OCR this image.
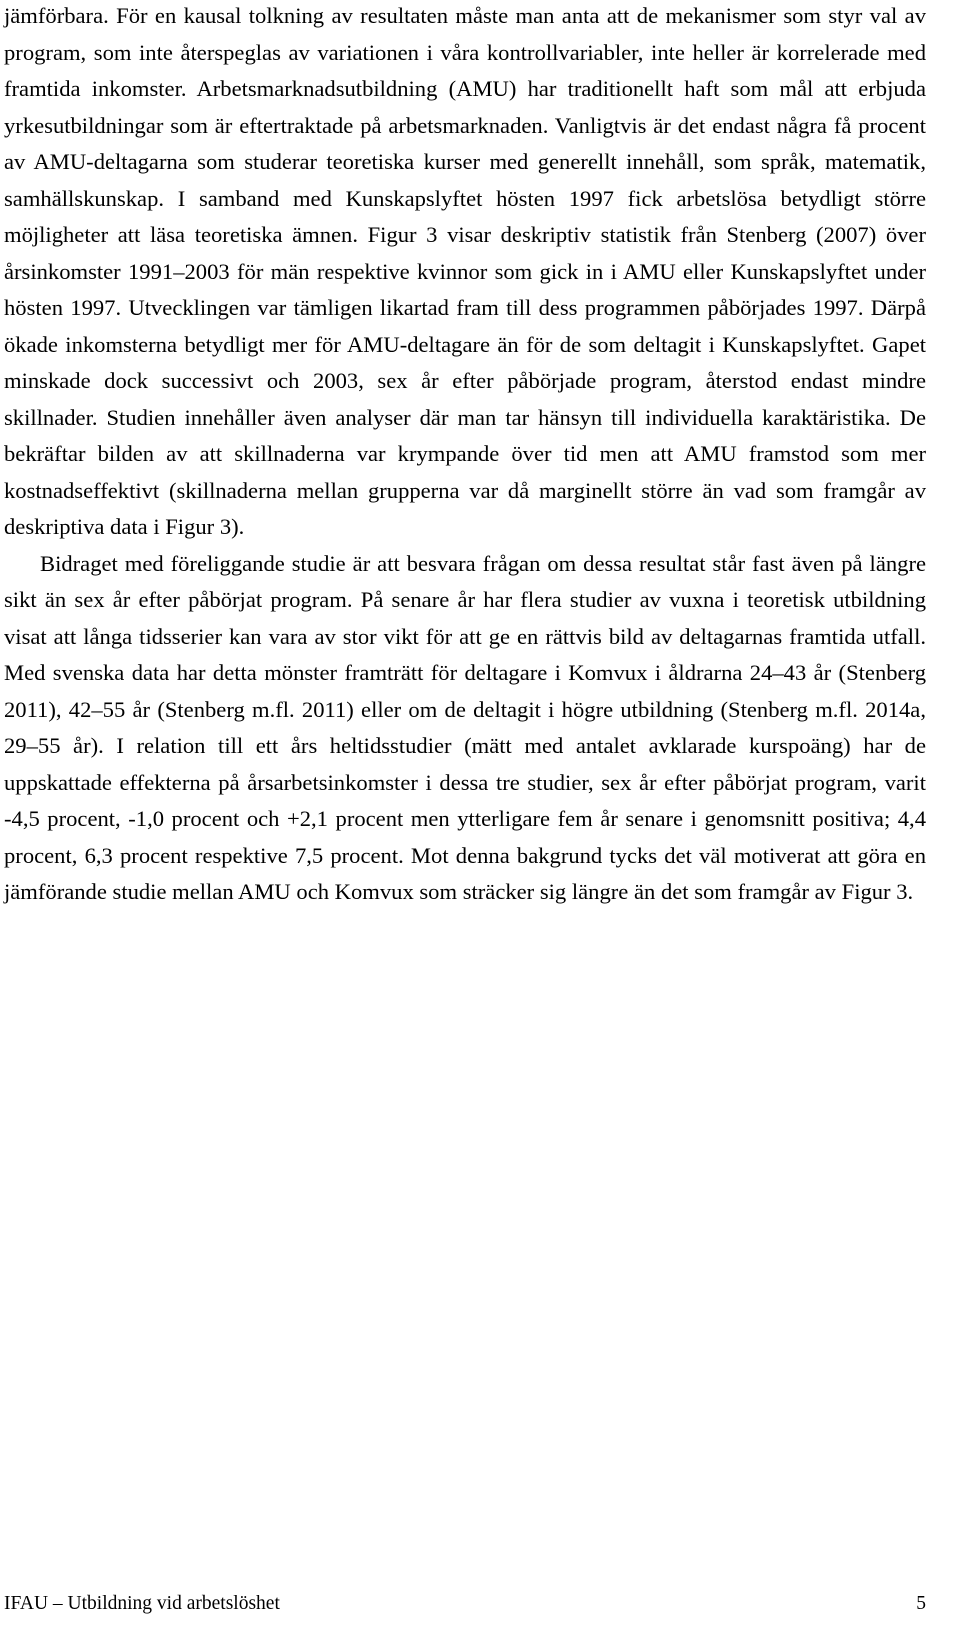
jämförbara. För en kausal tolkning av resultaten måste man anta att de mekanismer som styr val av program, som inte återspeglas av variationen i våra kontrollvariabler, inte heller är korrelerade med framtida inkomster. Arbetsmarknadsutbildning (AMU) har traditionellt haft som mål att erbjuda yrkesutbildningar som är eftertraktade på arbetsmarknaden. Vanligtvis är det endast några få procent av AMU-deltagarna som studerar teoretiska kurser med generellt innehåll, som språk, matematik, samhällskunskap. I samband med Kunskapslyftet hösten 1997 fick arbetslösa betydligt större möjligheter att läsa teoretiska ämnen. Figur 3 visar deskriptiv statistik från Stenberg (2007) över årsinkomster 1991–2003 för män respektive kvinnor som gick in i AMU eller Kunskapslyftet under hösten 1997. Utvecklingen var tämligen likartad fram till dess programmen påbörjades 1997. Därpå ökade inkomsterna betydligt mer för AMU-deltagare än för de som deltagit i Kunskapslyftet. Gapet minskade dock successivt och 2003, sex år efter påbörjade program, återstod endast mindre skillnader. Studien innehåller även analyser där man tar hänsyn till individuella karaktäristika. De bekräftar bilden av att skillnaderna var krympande över tid men att AMU framstod som mer kostnadseffektivt (skillnaderna mellan grupperna var då marginellt större än vad som framgår av deskriptiva data i Figur 3).

Bidraget med föreliggande studie är att besvara frågan om dessa resultat står fast även på längre sikt än sex år efter påbörjat program. På senare år har flera studier av vuxna i teoretisk utbildning visat att långa tidsserier kan vara av stor vikt för att ge en rättvis bild av deltagarnas framtida utfall. Med svenska data har detta mönster framträtt för deltagare i Komvux i åldrarna 24–43 år (Stenberg 2011), 42–55 år (Stenberg m.fl. 2011) eller om de deltagit i högre utbildning (Stenberg m.fl. 2014a, 29–55 år). I relation till ett års heltidsstudier (mätt med antalet avklarade kurspoäng) har de uppskattade effekterna på årsarbetsinkomster i dessa tre studier, sex år efter påbörjat program, varit -4,5 procent, -1,0 procent och +2,1 procent men ytterligare fem år senare i genomsnitt positiva; 4,4 procent, 6,3 procent respektive 7,5 procent. Mot denna bakgrund tycks det väl motiverat att göra en jämförande studie mellan AMU och Komvux som sträcker sig längre än det som framgår av Figur 3.

IFAU – Utbildning vid arbetslöshet	5
